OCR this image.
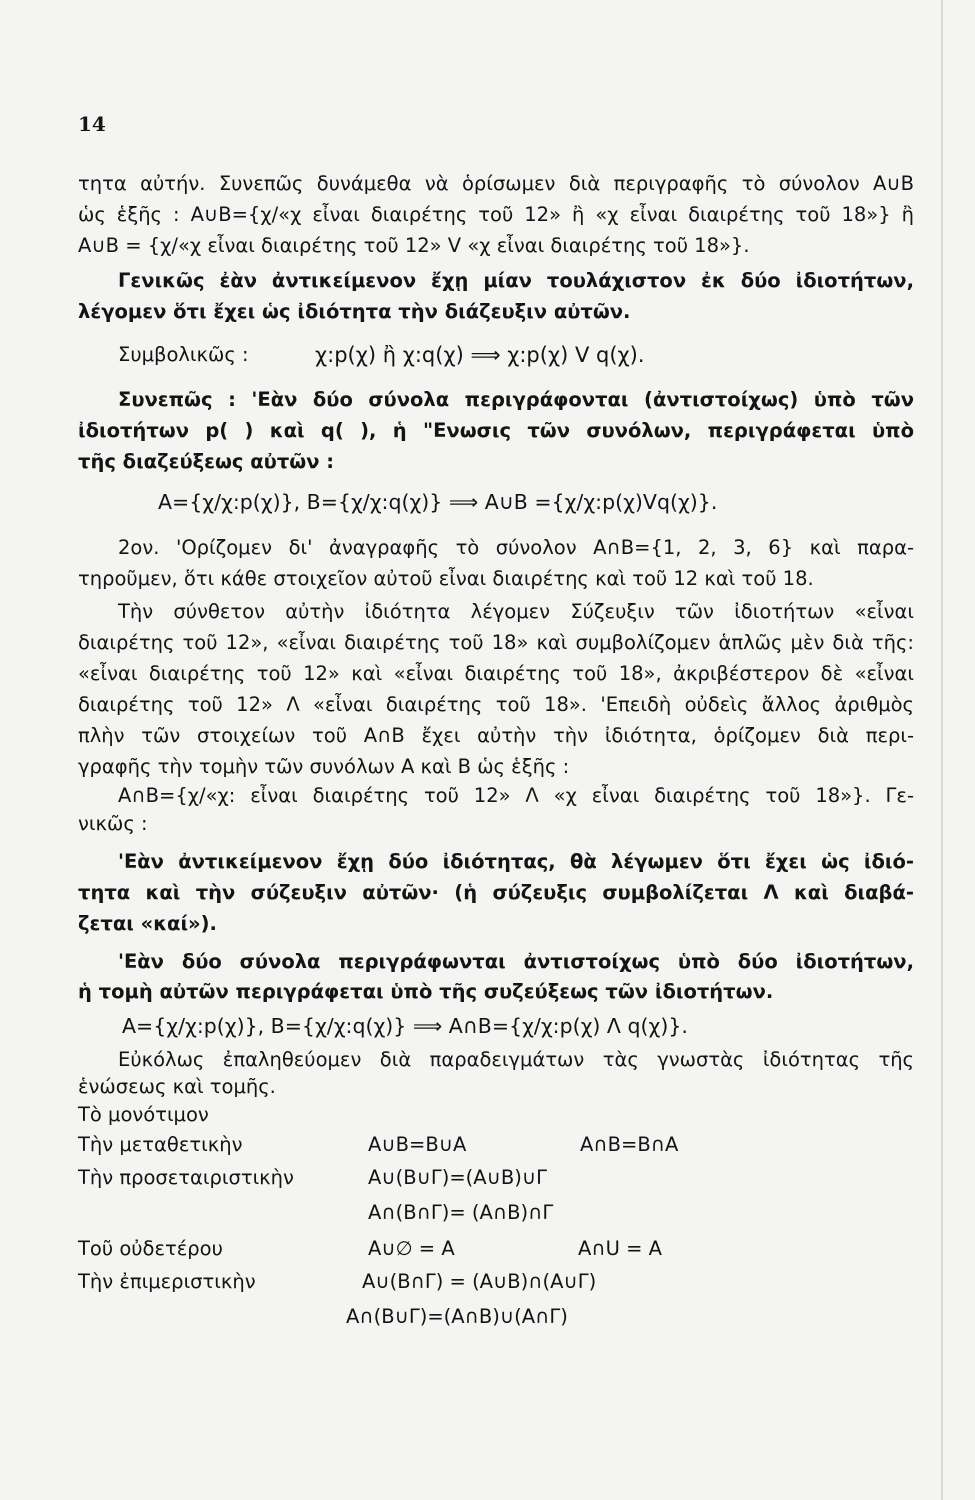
14
τητα αὐτήν. Συνεπῶς δυνάμεθα νὰ ὁρίσωμεν διὰ περιγραφῆς τὸ σύνολον A∪B
ὡς ἑξῆς : A∪B={χ/«χ εἶναι διαιρέτης τοῦ 12» ἢ «χ εἶναι διαιρέτης τοῦ 18»} ἢ
A∪B = {χ/«χ εἶναι διαιρέτης τοῦ 12» V «χ εἶναι διαιρέτης τοῦ 18»}.
Γενικῶς ἐὰν ἀντικείμενον ἔχῃ μίαν τουλάχιστον ἐκ δύο ἰδιοτήτων,
λέγομεν ὅτι ἔχει ὡς ἰδιότητα τὴν διάζευξιν αὐτῶν.
Συμβολικῶς :	χ:p(χ) ἢ χ:q(χ) ⟹ χ:p(χ) V q(χ).
Συνεπῶς : 'Εὰν δύο σύνολα περιγράφονται (ἀντιστοίχως) ὑπὸ τῶν
ἰδιοτήτων p( ) καὶ q( ), ἡ "Ενωσις τῶν συνόλων, περιγράφεται ὑπὸ
τῆς διαζεύξεως αὐτῶν :
A={χ/χ:p(χ)}, B={χ/χ:q(χ)} ⟹ A∪B ={χ/χ:p(χ)Vq(χ)}.
2ον. 'Ορίζομεν δι' ἀναγραφῆς τὸ σύνολον A∩B={1, 2, 3, 6} καὶ παρα-
τηροῦμεν, ὅτι κάθε στοιχεῖον αὐτοῦ εἶναι διαιρέτης καὶ τοῦ 12 καὶ τοῦ 18.
Τὴν σύνθετον αὐτὴν ἰδιότητα λέγομεν Σύζευξιν τῶν ἰδιοτήτων «εἶναι
διαιρέτης τοῦ 12», «εἶναι διαιρέτης τοῦ 18» καὶ συμβολίζομεν ἁπλῶς μὲν διὰ τῆς:
«εἶναι διαιρέτης τοῦ 12» καὶ «εἶναι διαιρέτης τοῦ 18», ἀκριβέστερον δὲ «εἶναι
διαιρέτης τοῦ 12» Λ «εἶναι διαιρέτης τοῦ 18». 'Επειδὴ οὐδεὶς ἄλλος ἀριθμὸς
πλὴν τῶν στοιχείων τοῦ A∩B ἔχει αὐτὴν τὴν ἰδιότητα, ὁρίζομεν διὰ περι-
γραφῆς τὴν τομὴν τῶν συνόλων A καὶ B ὡς ἑξῆς :
A∩B={χ/«χ: εἶναι διαιρέτης τοῦ 12» Λ «χ εἶναι διαιρέτης τοῦ 18»}. Γε-
νικῶς :
'Εὰν ἀντικείμενον ἔχῃ δύο ἰδιότητας, θὰ λέγωμεν ὅτι ἔχει ὡς ἰδιό-
τητα καὶ τὴν σύζευξιν αὐτῶν· (ἡ σύζευξις συμβολίζεται Λ καὶ διαβά-
ζεται «καί»).
'Εὰν δύο σύνολα περιγράφωνται ἀντιστοίχως ὑπὸ δύο ἰδιοτήτων,
ἡ τομὴ αὐτῶν περιγράφεται ὑπὸ τῆς συζεύξεως τῶν ἰδιοτήτων.
A={χ/χ:p(χ)}, B={χ/χ:q(χ)} ⟹ A∩B={χ/χ:p(χ) Λ q(χ)}.
Εὐκόλως ἐπαληθεύομεν διὰ παραδειγμάτων τὰς γνωστὰς ἰδιότητας τῆς
ἑνώσεως καὶ τομῆς.
Τὸ μονότιμον
Τὴν μεταθετικὴν	A∪B=B∪A	A∩B=B∩A
Τὴν προσεταιριστικὴν	A∪(B∪Γ)=(A∪B)∪Γ
A∩(B∩Γ)= (A∩B)∩Γ
Τοῦ οὐδετέρου	A∪∅ = A	A∩U = A
Τὴν ἐπιμεριστικὴν	A∪(B∩Γ) = (A∪B)∩(A∪Γ)
A∩(B∪Γ)=(A∩B)∪(A∩Γ)
